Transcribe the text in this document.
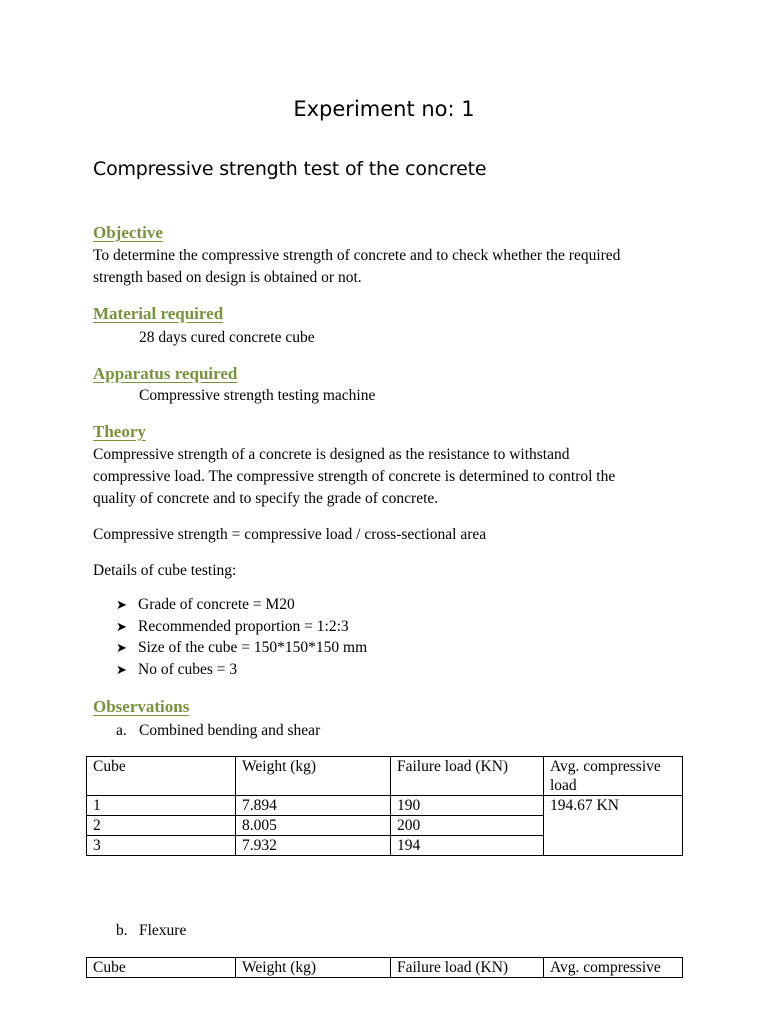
Experiment no: 1
Compressive strength test of the concrete
Objective
To determine the compressive strength of concrete and to check whether the required
strength based on design is obtained or not.
Material required
28 days cured concrete cube
Apparatus required
Compressive strength testing machine
Theory
Compressive strength of a concrete is designed as the resistance to withstand
compressive load. The compressive strength of concrete is determined to control the
quality of concrete and to specify the grade of concrete.
Compressive strength = compressive load / cross-sectional area
Details of cube testing:
➤ Grade of concrete = M20
➤ Recommended proportion = 1:2:3
➤ Size of the cube = 150*150*150 mm
➤ No of cubes = 3
Observations
a. Combined bending and shear
Cube	Weight (kg)	Failure load (KN)	Avg. compressive load
1	7.894	190	194.67 KN
2	8.005	200	
3	7.932	194	
b. Flexure
Cube	Weight (kg)	Failure load (KN)	Avg. compressive
